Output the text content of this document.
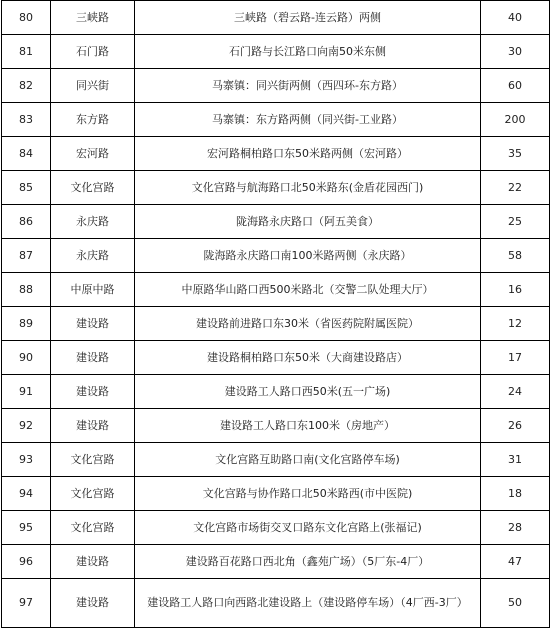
80	三峡路	三峡路（碧云路-连云路）两侧	40
81	石门路	石门路与长江路口向南50米东侧	30
82	同兴街	马寨镇：同兴街两侧（西四环-东方路）	60
83	东方路	马寨镇：东方路两侧（同兴街-工业路）	200
84	宏河路	宏河路桐柏路口东50米路两侧（宏河路）	35
85	文化宫路	文化宫路与航海路口北50米路东(金盾花园西门)	22
86	永庆路	陇海路永庆路口（阿五美食）	25
87	永庆路	陇海路永庆路口南100米路两侧（永庆路）	58
88	中原中路	中原路华山路口西500米路北（交警二队处理大厅）	16
89	建设路	建设路前进路口东30米（省医药院附属医院）	12
90	建设路	建设路桐柏路口东50米（大商建设路店）	17
91	建设路	建设路工人路口西50米(五一广场)	24
92	建设路	建设路工人路口东100米（房地产）	26
93	文化宫路	文化宫路互助路口南(文化宫路停车场)	31
94	文化宫路	文化宫路与协作路口北50米路西(市中医院)	18
95	文化宫路	文化宫路市场街交叉口路东文化宫路上(张福记)	28
96	建设路	建设路百花路口西北角（鑫苑广场）（5厂东-4厂）	47
97	建设路	建设路工人路口向西路北建设路上（建设路停车场）（4厂西-3厂）	50
